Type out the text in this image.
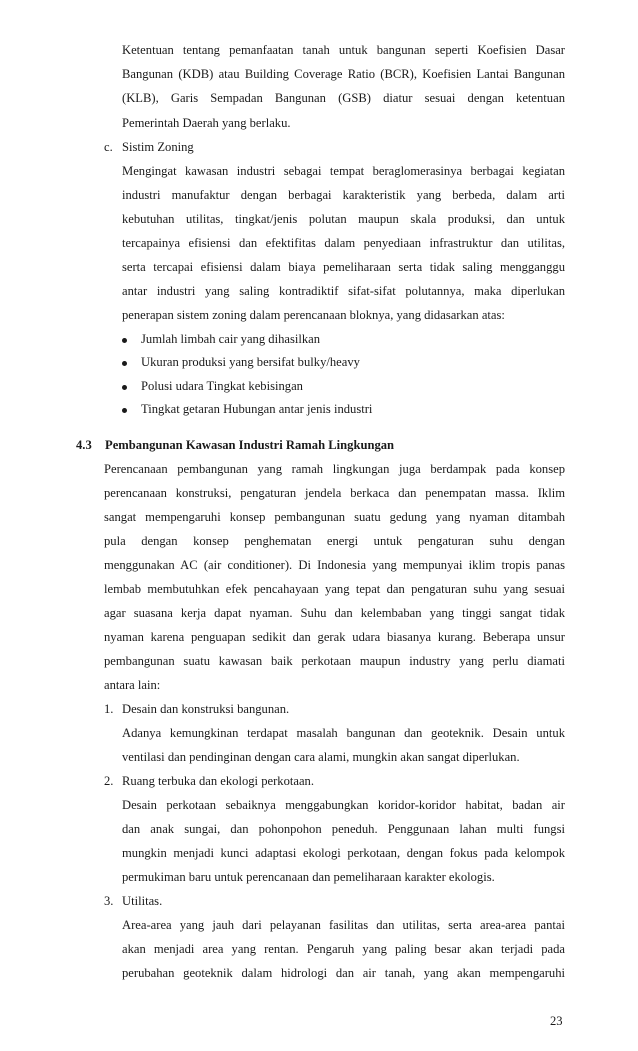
Ketentuan tentang pemanfaatan tanah untuk bangunan seperti Koefisien Dasar
Bangunan (KDB) atau Building Coverage Ratio (BCR), Koefisien Lantai Bangunan
(KLB), Garis Sempadan Bangunan (GSB) diatur sesuai dengan ketentuan
Pemerintah Daerah yang berlaku.
c. Sistim Zoning
Mengingat kawasan industri sebagai tempat beraglomerasinya berbagai kegiatan
industri manufaktur dengan berbagai karakteristik yang berbeda, dalam arti
kebutuhan utilitas, tingkat/jenis polutan maupun skala produksi, dan untuk
tercapainya efisiensi dan efektifitas dalam penyediaan infrastruktur dan utilitas,
serta tercapai efisiensi dalam biaya pemeliharaan serta tidak saling mengganggu
antar industri yang saling kontradiktif sifat-sifat polutannya, maka diperlukan
penerapan sistem zoning dalam perencanaan bloknya, yang didasarkan atas:
Jumlah limbah cair yang dihasilkan
Ukuran produksi yang bersifat bulky/heavy
Polusi udara Tingkat kebisingan
Tingkat getaran Hubungan antar jenis industri
4.3 Pembangunan Kawasan Industri Ramah Lingkungan
Perencanaan pembangunan yang ramah lingkungan juga berdampak pada konsep
perencanaan konstruksi, pengaturan jendela berkaca dan penempatan massa. Iklim
sangat mempengaruhi konsep pembangunan suatu gedung yang nyaman ditambah
pula dengan konsep penghematan energi untuk pengaturan suhu dengan
menggunakan AC (air conditioner). Di Indonesia yang mempunyai iklim tropis panas
lembab membutuhkan efek pencahayaan yang tepat dan pengaturan suhu yang sesuai
agar suasana kerja dapat nyaman. Suhu dan kelembaban yang tinggi sangat tidak
nyaman karena penguapan sedikit dan gerak udara biasanya kurang. Beberapa unsur
pembangunan suatu kawasan baik perkotaan maupun industry yang perlu diamati
antara lain:
1. Desain dan konstruksi bangunan.
Adanya kemungkinan terdapat masalah bangunan dan geoteknik. Desain untuk
ventilasi dan pendinginan dengan cara alami, mungkin akan sangat diperlukan.
2. Ruang terbuka dan ekologi perkotaan.
Desain perkotaan sebaiknya menggabungkan koridor-koridor habitat, badan air
dan anak sungai, dan pohonpohon peneduh. Penggunaan lahan multi fungsi
mungkin menjadi kunci adaptasi ekologi perkotaan, dengan fokus pada kelompok
permukiman baru untuk perencanaan dan pemeliharaan karakter ekologis.
3. Utilitas.
Area-area yang jauh dari pelayanan fasilitas dan utilitas, serta area-area pantai
akan menjadi area yang rentan. Pengaruh yang paling besar akan terjadi pada
perubahan geoteknik dalam hidrologi dan air tanah, yang akan mempengaruhi
23
